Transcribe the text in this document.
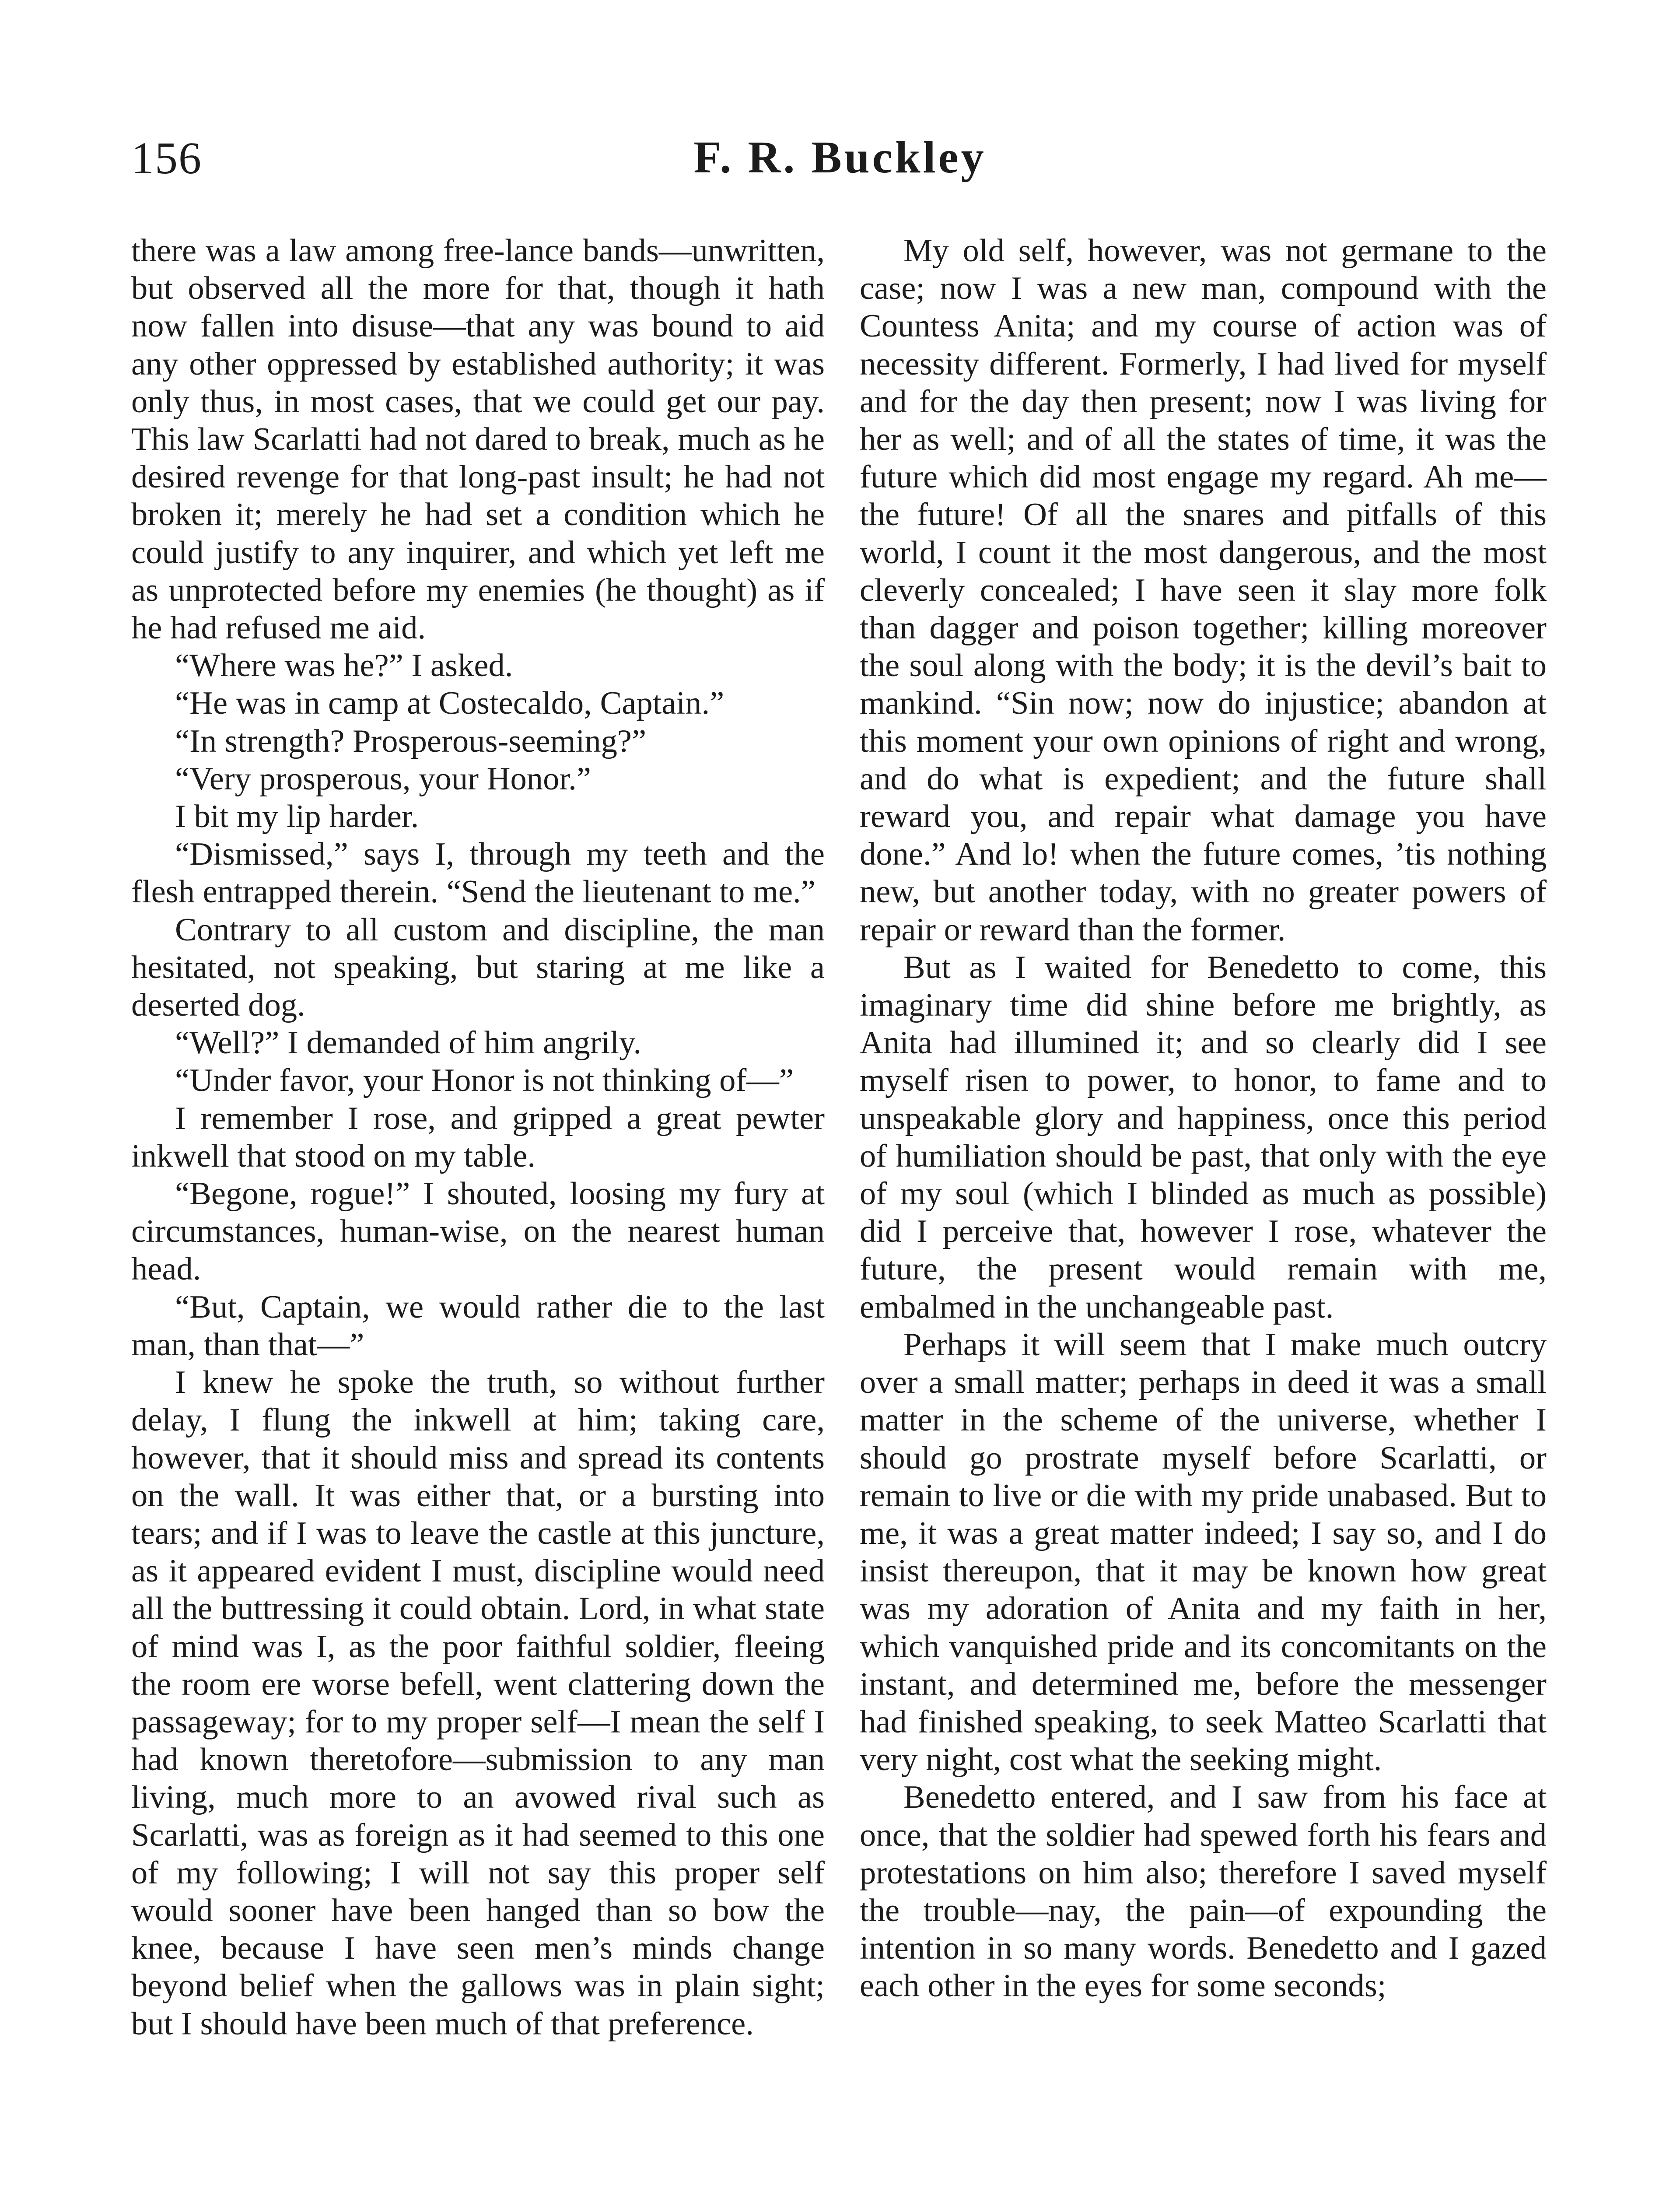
156	F. R. Buckley

there was a law among free-lance bands—unwritten, but observed all the more for that, though it hath now fallen into disuse—that any was bound to aid any other oppressed by established authority; it was only thus, in most cases, that we could get our pay. This law Scarlatti had not dared to break, much as he desired revenge for that long-past insult; he had not broken it; merely he had set a condition which he could justify to any inquirer, and which yet left me as unprotected before my enemies (he thought) as if he had refused me aid.

“Where was he?” I asked.

“He was in camp at Costecaldo, Captain.”

“In strength? Prosperous-seeming?”

“Very prosperous, your Honor.”

I bit my lip harder.

“Dismissed,” says I, through my teeth and the flesh entrapped therein. “Send the lieutenant to me.”

Contrary to all custom and discipline, the man hesitated, not speaking, but staring at me like a deserted dog.

“Well?” I demanded of him angrily.

“Under favor, your Honor is not thinking of—”

I remember I rose, and gripped a great pewter inkwell that stood on my table.

“Begone, rogue!” I shouted, loosing my fury at circumstances, human-wise, on the nearest human head.

“But, Captain, we would rather die to the last man, than that—”

I knew he spoke the truth, so without further delay, I flung the inkwell at him; taking care, however, that it should miss and spread its contents on the wall. It was either that, or a bursting into tears; and if I was to leave the castle at this juncture, as it appeared evident I must, discipline would need all the buttressing it could obtain. Lord, in what state of mind was I, as the poor faithful soldier, fleeing the room ere worse befell, went clattering down the passageway; for to my proper self—I mean the self I had known theretofore—submission to any man living, much more to an avowed rival such as Scarlatti, was as foreign as it had seemed to this one of my following; I will not say this proper self would sooner have been hanged than so bow the knee, because I have seen men’s minds change beyond belief when the gallows was in plain sight; but I should have been much of that preference.

My old self, however, was not germane to the case; now I was a new man, compound with the Countess Anita; and my course of action was of necessity different. Formerly, I had lived for myself and for the day then present; now I was living for her as well; and of all the states of time, it was the future which did most engage my regard. Ah me—the future! Of all the snares and pitfalls of this world, I count it the most dangerous, and the most cleverly concealed; I have seen it slay more folk than dagger and poison together; killing moreover the soul along with the body; it is the devil’s bait to mankind. “Sin now; now do injustice; abandon at this moment your own opinions of right and wrong, and do what is expedient; and the future shall reward you, and repair what damage you have done.” And lo! when the future comes, ’tis nothing new, but another today, with no greater powers of repair or reward than the former.

But as I waited for Benedetto to come, this imaginary time did shine before me brightly, as Anita had illumined it; and so clearly did I see myself risen to power, to honor, to fame and to unspeakable glory and happiness, once this period of humiliation should be past, that only with the eye of my soul (which I blinded as much as possible) did I perceive that, however I rose, whatever the future, the present would remain with me, embalmed in the unchangeable past.

Perhaps it will seem that I make much outcry over a small matter; perhaps in deed it was a small matter in the scheme of the universe, whether I should go prostrate myself before Scarlatti, or remain to live or die with my pride unabased. But to me, it was a great matter indeed; I say so, and I do insist thereupon, that it may be known how great was my adoration of Anita and my faith in her, which vanquished pride and its concomitants on the instant, and determined me, before the messenger had finished speaking, to seek Matteo Scarlatti that very night, cost what the seeking might.

Benedetto entered, and I saw from his face at once, that the soldier had spewed forth his fears and protestations on him also; therefore I saved myself the trouble—nay, the pain—of expounding the intention in so many words. Benedetto and I gazed each other in the eyes for some seconds;
